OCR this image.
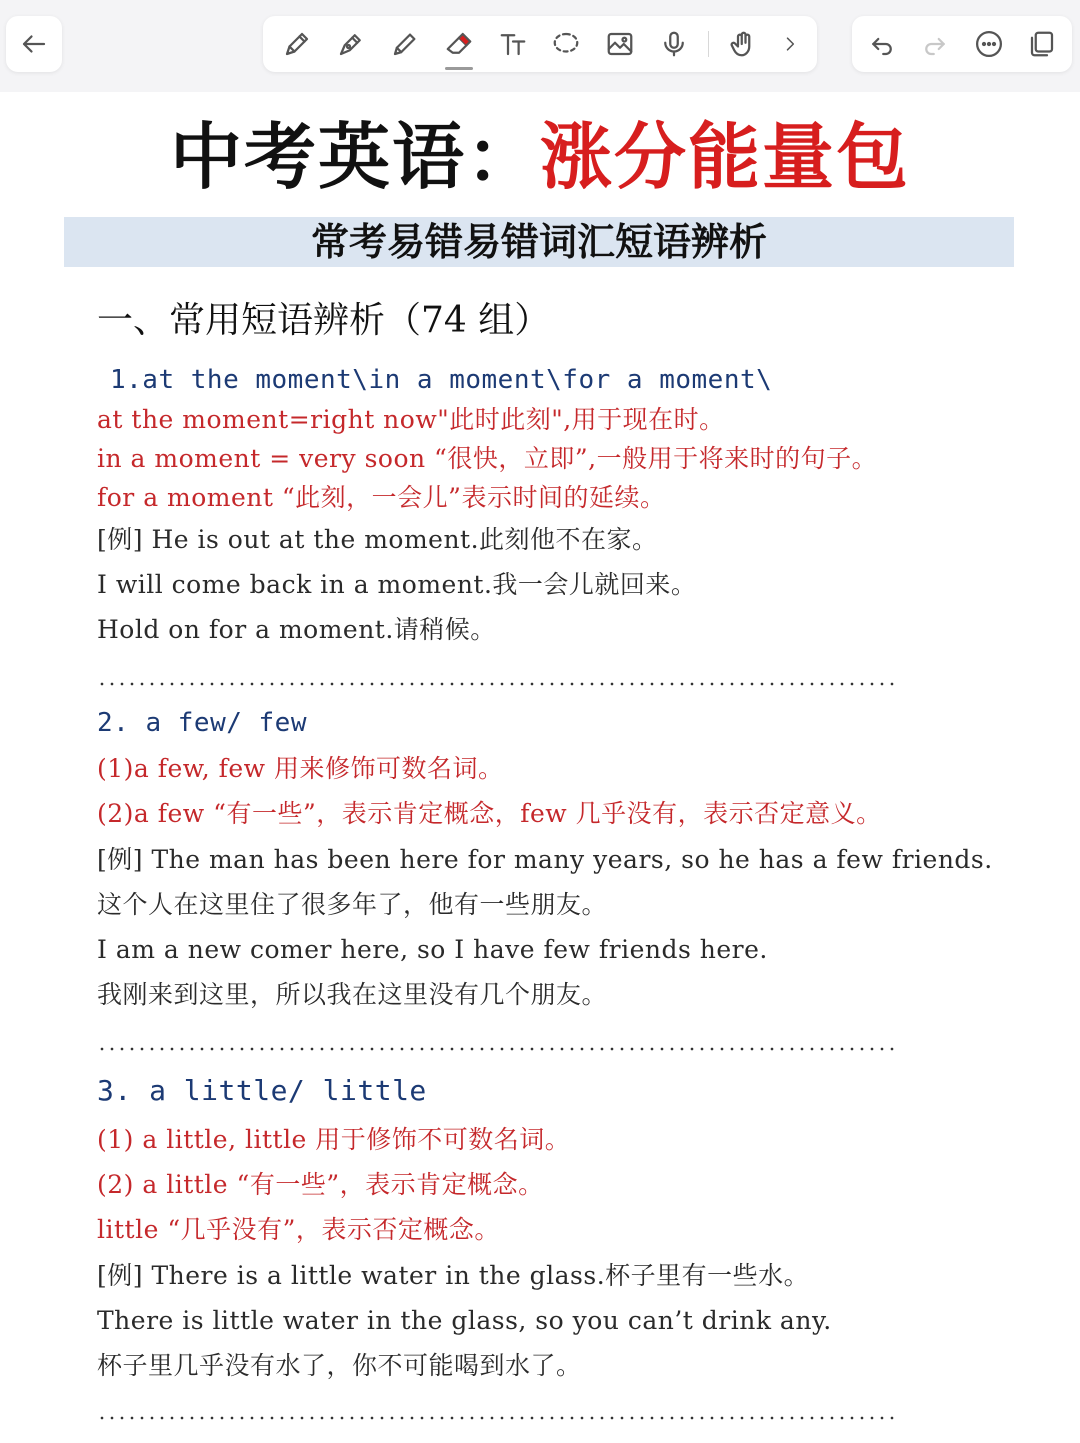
中考英语：涨分能量包
常考易错易错词汇短语辨析
一、常用短语辨析（74 组）
1.at the moment\in a moment\for a moment\
at the moment=right now"此时此刻",用于现在时。
in a moment = very soon “很快，立即”,一般用于将来时的句子。
for a moment “此刻，一会儿”表示时间的延续。
[例] He is out at the moment.此刻他不在家。
I will come back in a moment.我一会儿就回来。
Hold on for a moment.请稍候。
2. a few/ few
(1)a few, few 用来修饰可数名词。
(2)a few “有一些”，表示肯定概念，few 几乎没有，表示否定意义。
[例] The man has been here for many years, so he has a few friends.
这个人在这里住了很多年了，他有一些朋友。
I am a new comer here, so I have few friends here.
我刚来到这里，所以我在这里没有几个朋友。
3. a little/ little
(1) a little, little 用于修饰不可数名词。
(2) a little “有一些”，表示肯定概念。
little “几乎没有”，表示否定概念。
[例] There is a little water in the glass.杯子里有一些水。
There is little water in the glass, so you can’t drink any.
杯子里几乎没有水了，你不可能喝到水了。
